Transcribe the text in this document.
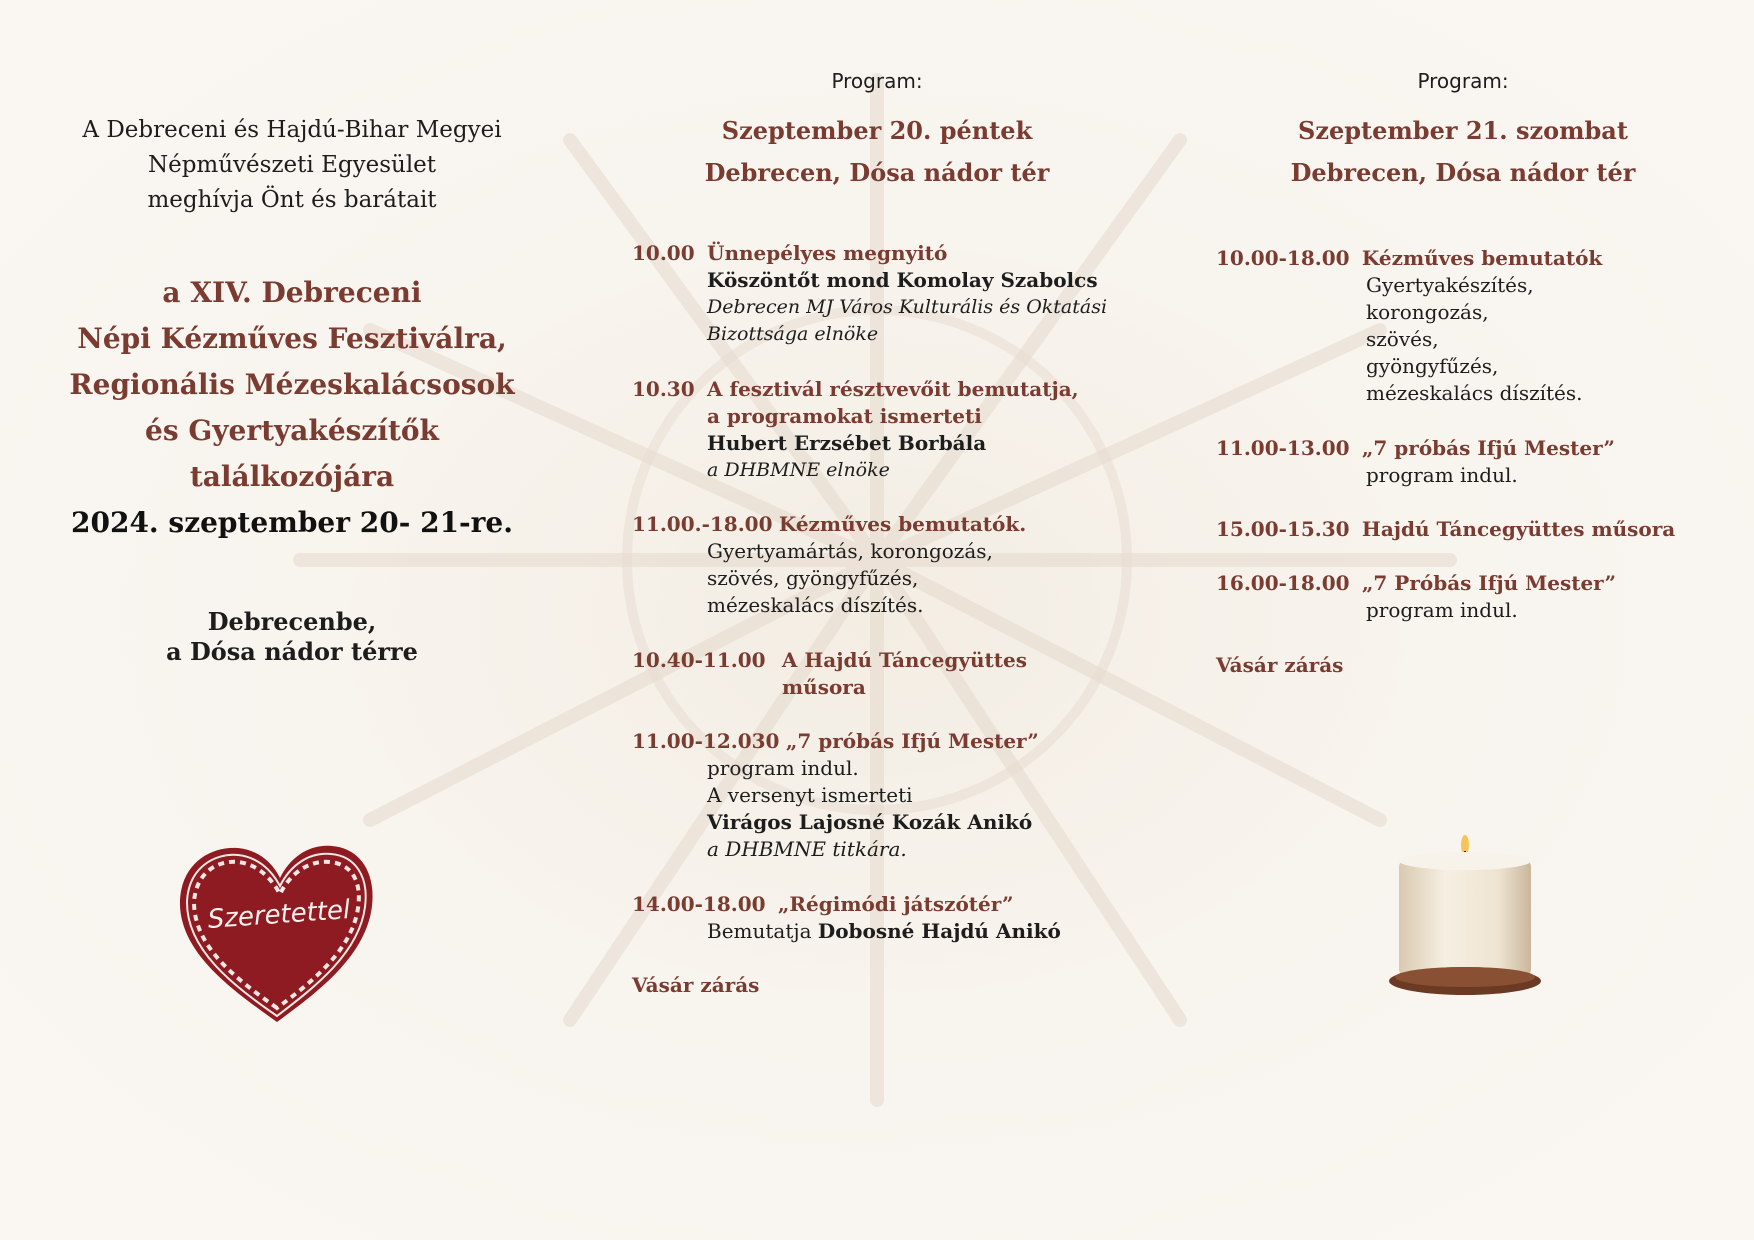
A Debreceni és Hajdú-Bihar Megyei
Népművészeti Egyesület
meghívja Önt és barátait
a XIV. Debreceni
Népi Kézműves Fesztiválra,
Regionális Mézeskalácsosok
és Gyertyakészítők
találkozójára
2024. szeptember 20- 21-re.
Debrecenbe,
a Dósa nádor térre
Szeretettel
Program:
Szeptember 20. péntek
Debrecen, Dósa nádor tér
10.00 Ünnepélyes megnyitó
Köszöntőt mond Komolay Szabolcs
Debrecen MJ Város Kulturális és Oktatási
Bizottsága elnöke
10.30 A fesztivál résztvevőit bemutatja,
a programokat ismerteti
Hubert Erzsébet Borbála
a DHBMNE elnöke
11.00.-18.00 Kézműves bemutatók.
Gyertyamártás, korongozás,
szövés, gyöngyfűzés,
mézeskalács díszítés.
10.40-11.00 A Hajdú Táncegyüttes
műsora
11.00-12.030 „7 próbás Ifjú Mester”
program indul.
A versenyt ismerteti
Virágos Lajosné Kozák Anikó
a DHBMNE titkára.
14.00-18.00 „Régimódi játszótér”
Bemutatja Dobosné Hajdú Anikó
Vásár zárás
Program:
Szeptember 21. szombat
Debrecen, Dósa nádor tér
10.00-18.00 Kézműves bemutatók
Gyertyakészítés,
korongozás,
szövés,
gyöngyfűzés,
mézeskalács díszítés.
11.00-13.00 „7 próbás Ifjú Mester”
program indul.
15.00-15.30 Hajdú Táncegyüttes műsora
16.00-18.00 „7 Próbás Ifjú Mester”
program indul.
Vásár zárás
